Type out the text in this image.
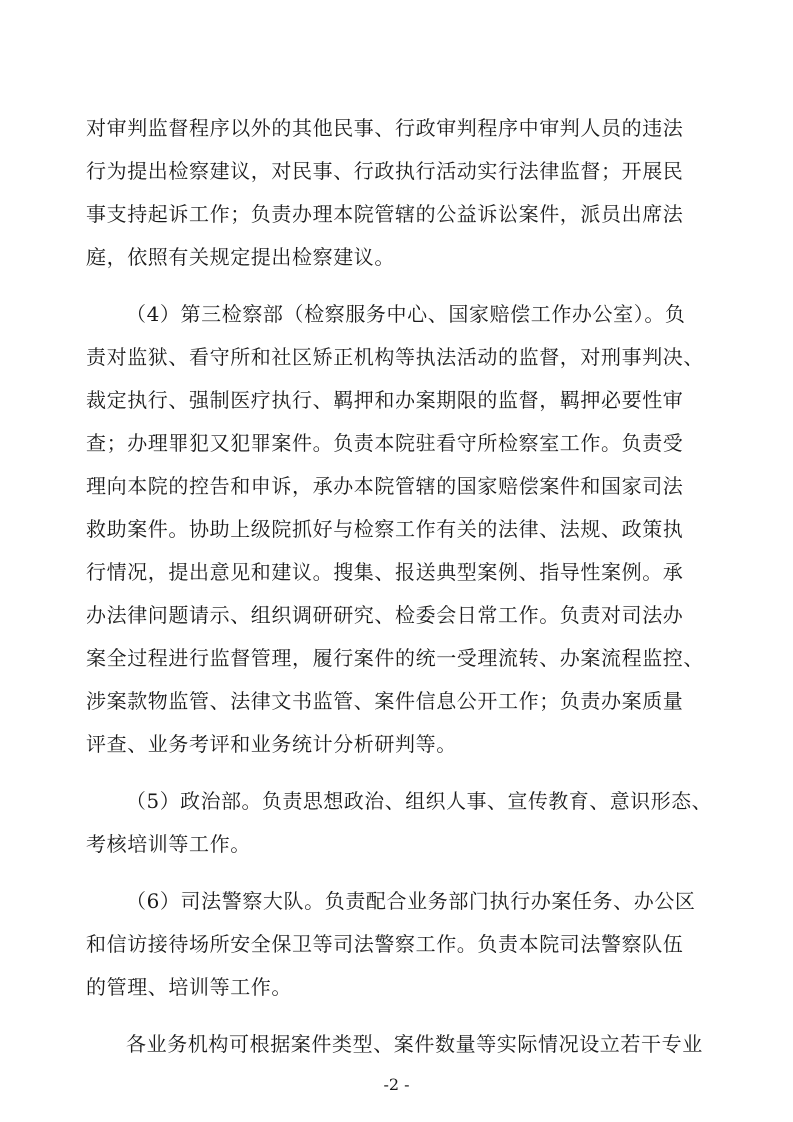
对审判监督程序以外的其他民事、行政审判程序中审判人员的违法
行为提出检察建议，对民事、行政执行活动实行法律监督；开展民
事支持起诉工作；负责办理本院管辖的公益诉讼案件，派员出席法
庭，依照有关规定提出检察建议。
（4）第三检察部（检察服务中心、国家赔偿工作办公室）。负
责对监狱、看守所和社区矫正机构等执法活动的监督，对刑事判决、
裁定执行、强制医疗执行、羁押和办案期限的监督，羁押必要性审
查；办理罪犯又犯罪案件。负责本院驻看守所检察室工作。负责受
理向本院的控告和申诉，承办本院管辖的国家赔偿案件和国家司法
救助案件。协助上级院抓好与检察工作有关的法律、法规、政策执
行情况，提出意见和建议。搜集、报送典型案例、指导性案例。承
办法律问题请示、组织调研研究、检委会日常工作。负责对司法办
案全过程进行监督管理，履行案件的统一受理流转、办案流程监控、
涉案款物监管、法律文书监管、案件信息公开工作；负责办案质量
评查、业务考评和业务统计分析研判等。
（5）政治部。负责思想政治、组织人事、宣传教育、意识形态、
考核培训等工作。
（6）司法警察大队。负责配合业务部门执行办案任务、办公区
和信访接待场所安全保卫等司法警察工作。负责本院司法警察队伍
的管理、培训等工作。
各业务机构可根据案件类型、案件数量等实际情况设立若干专业
-2 -
